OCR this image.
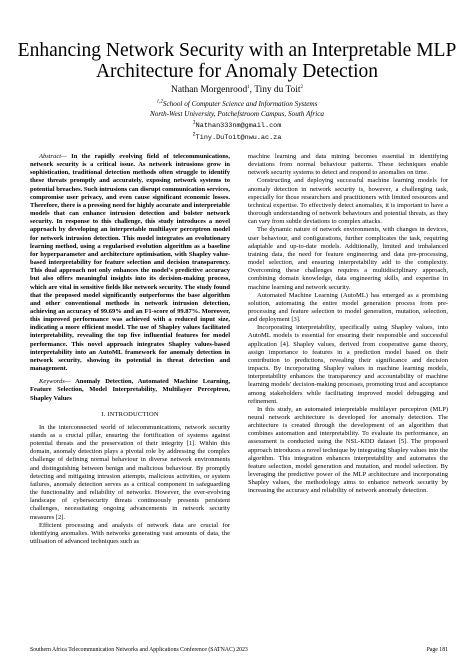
Enhancing Network Security with an Interpretable MLP
Architecture for Anomaly Detection
Nathan Morgenrood$^1$, Tiny du Toit$^2$
$^{1,2}$School of Computer Science and Information Systems
North-West University, Potchefstroom Campus, South Africa
$^1$Nathan333nm@gmail.com
$^2$Tiny.DuToit@nwu.ac.za

Abstract— In the rapidly evolving field of telecommunications, network security is a critical issue. As network intrusions grow in sophistication, traditional detection methods often struggle to identify these threats promptly and accurately, exposing network systems to potential breaches. Such intrusions can disrupt communication services, compromise user privacy, and even cause significant economic losses. Therefore, there is a pressing need for highly accurate and interpretable models that can enhance intrusion detection and bolster network security. In response to this challenge, this study introduces a novel approach by developing an interpretable multilayer perceptron model for network intrusion detection. This model integrates an evolutionary learning method, using a regularised evolution algorithm as a baseline for hyperparameter and architecture optimisation, with Shapley value-based interpretability for feature selection and decision transparency. This dual approach not only enhances the model's predictive accuracy but also offers meaningful insights into its decision-making process, which are vital in sensitive fields like network security. The study found that the proposed model significantly outperforms the base algorithm and other conventional methods in network intrusion detection, achieving an accuracy of 99.69% and an F1-score of 99.87%. Moreover, this improved performance was achieved with a reduced input size, indicating a more efficient model. The use of Shapley values facilitated interpretability, revealing the top five influential features for model performance. This novel approach integrates Shapley values-based interpretability into an AutoML framework for anomaly detection in network security, showing its potential in threat detection and management.

Keywords— Anomaly Detection, Automated Machine Learning, Feature Selection, Model Interpretability, Multilayer Perceptron, Shapley Values

I. INTRODUCTION

In the interconnected world of telecommunications, network security stands as a crucial pillar, ensuring the fortification of systems against potential threats and the preservation of their integrity [1]. Within this domain, anomaly detection plays a pivotal role by addressing the complex challenge of defining normal behaviour in diverse network environments and distinguishing between benign and malicious behaviour. By promptly detecting and mitigating intrusion attempts, malicious activities, or system failures, anomaly detection serves as a critical component in safeguarding the functionality and reliability of networks. However, the ever-evolving landscape of cybersecurity threats continuously presents persistent challenges, necessitating ongoing advancements in network security measures [2].

Efficient processing and analysis of network data are crucial for identifying anomalies. With networks generating vast amounts of data, the utilisation of advanced techniques such as

machine learning and data mining becomes essential in identifying deviations from normal behaviour patterns. These techniques enable network security systems to detect and respond to anomalies on time.

Constructing and deploying successful machine learning models for anomaly detection in network security is, however, a challenging task, especially for those researchers and practitioners with limited resources and technical expertise. To effectively detect anomalies, it is important to have a thorough understanding of network behaviours and potential threats, as they can vary from subtle deviations to complex attacks.

The dynamic nature of network environments, with changes in devices, user behaviour, and configurations, further complicates the task, requiring adaptable and up-to-date models. Additionally, limited and imbalanced training data, the need for feature engineering and data pre-processing, model selection, and ensuring interpretability add to the complexity. Overcoming these challenges requires a multidisciplinary approach, combining domain knowledge, data engineering skills, and expertise in machine learning and network security.

Automated Machine Learning (AutoML) has emerged as a promising solution, automating the entire model generation process from pre-processing and feature selection to model generation, mutation, selection, and deployment [3].

Incorporating interpretability, specifically using Shapley values, into AutoML models is essential for ensuring their responsible and successful application [4]. Shapley values, derived from cooperative game theory, assign importance to features in a prediction model based on their contribution to predictions, revealing their significance and decision impacts. By incorporating Shapley values in machine learning models, interpretability enhances the transparency and accountability of machine learning models' decision-making processes, promoting trust and acceptance among stakeholders while facilitating improved model debugging and refinement.

In this study, an automated interpretable multilayer perceptron (MLP) neural network architecture is developed for anomaly detection. The architecture is created through the development of an algorithm that combines automation and interpretability. To evaluate its performance, an assessment is conducted using the NSL-KDD dataset [5]. The proposed approach introduces a novel technique by integrating Shapley values into the algorithm. This integration enhances interpretability and automates the feature selection, model generation and mutation, and model selection. By leveraging the predictive power of the MLP architecture and incorporating Shapley values, the methodology aims to enhance network security by increasing the accuracy and reliability of network anomaly detection.

Southern Africa Telecommunication Networks and Applications Conference (SATNAC) 2023	Page 181
